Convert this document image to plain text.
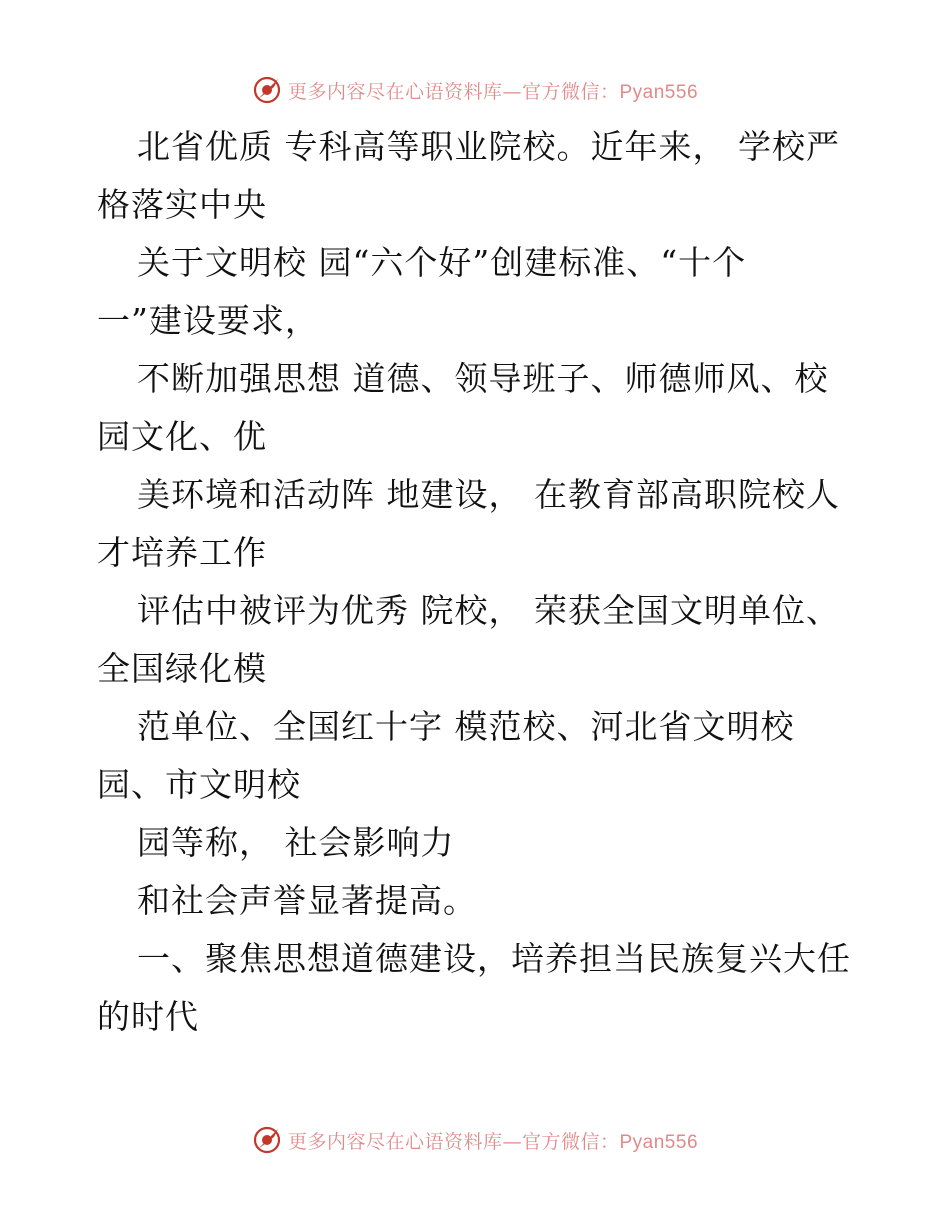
更多内容尽在心语资料库—官方微信：Pyan556
北省优质 专科高等职业院校。近年来， 学校严
格落实中央
关于文明校 园“六个好”创建标准、“十个
一”建设要求，
不断加强思想 道德、领导班子、师德师风、校
园文化、优
美环境和活动阵 地建设， 在教育部高职院校人
才培养工作
评估中被评为优秀 院校， 荣获全国文明单位、
全国绿化模
范单位、全国红十字 模范校、河北省文明校
园、市文明校
园等称， 社会影响力
和社会声誉显著提高。
一、聚焦思想道德建设，培养担当民族复兴大任
的时代
更多内容尽在心语资料库—官方微信：Pyan556
